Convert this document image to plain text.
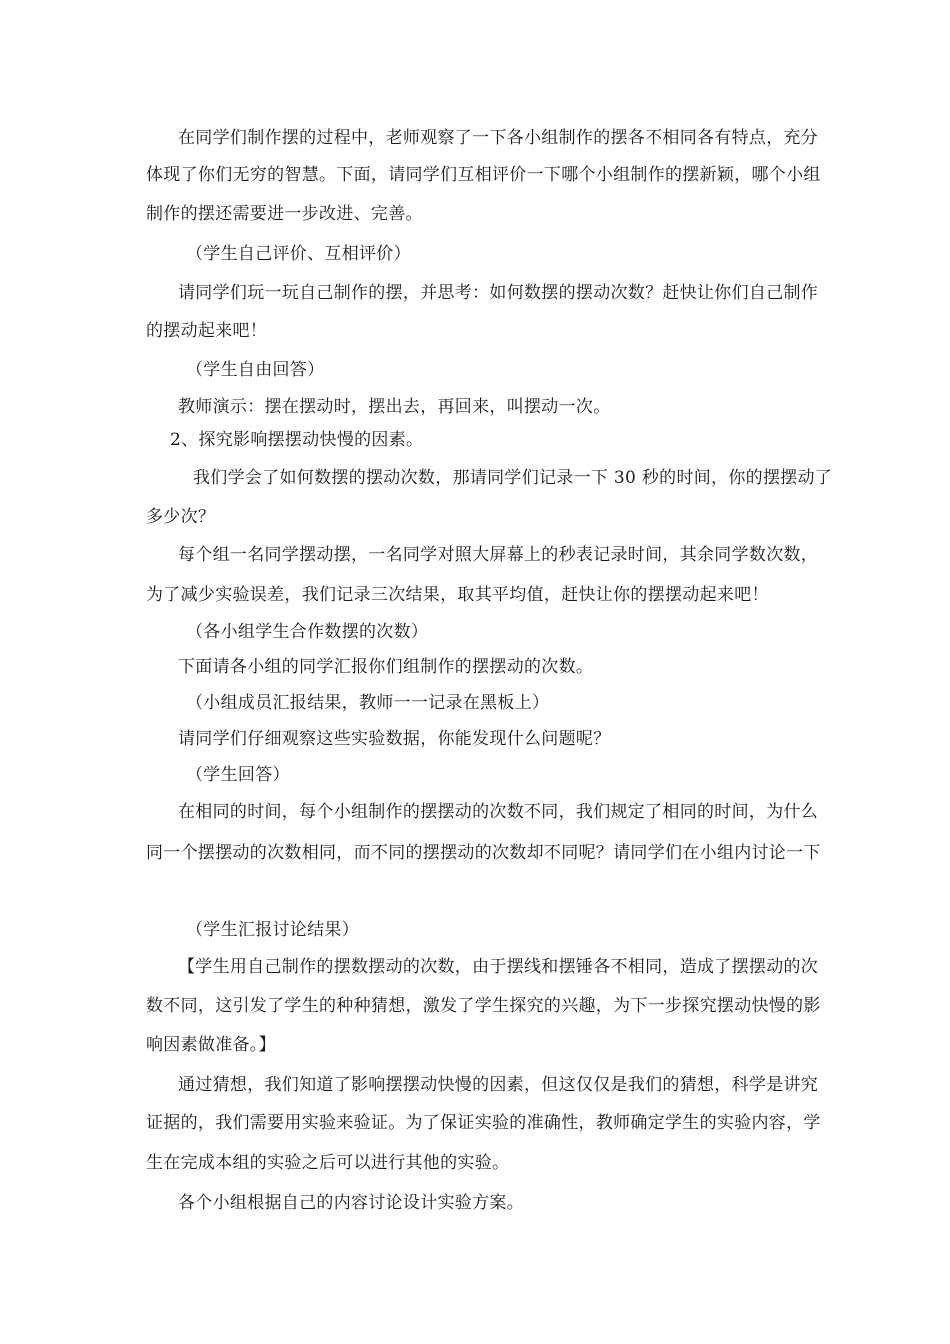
在同学们制作摆的过程中，老师观察了一下各小组制作的摆各不相同各有特点，充分
体现了你们无穷的智慧。下面，请同学们互相评价一下哪个小组制作的摆新颖，哪个小组
制作的摆还需要进一步改进、完善。
（学生自己评价、互相评价）
请同学们玩一玩自己制作的摆，并思考：如何数摆的摆动次数？赶快让你们自己制作
的摆动起来吧！
（学生自由回答）
教师演示：摆在摆动时，摆出去，再回来，叫摆动一次。
2、探究影响摆摆动快慢的因素。
我们学会了如何数摆的摆动次数，那请同学们记录一下 30 秒的时间，你的摆摆动了
多少次？
每个组一名同学摆动摆，一名同学对照大屏幕上的秒表记录时间，其余同学数次数，
为了减少实验误差，我们记录三次结果，取其平均值，赶快让你的摆摆动起来吧！
（各小组学生合作数摆的次数）
下面请各小组的同学汇报你们组制作的摆摆动的次数。
（小组成员汇报结果，教师一一记录在黑板上）
请同学们仔细观察这些实验数据，你能发现什么问题呢？
（学生回答）
在相同的时间，每个小组制作的摆摆动的次数不同，我们规定了相同的时间，为什么
同一个摆摆动的次数相同，而不同的摆摆动的次数却不同呢？请同学们在小组内讨论一下
（学生汇报讨论结果）
【学生用自己制作的摆数摆动的次数，由于摆线和摆锤各不相同，造成了摆摆动的次
数不同，这引发了学生的种种猜想，激发了学生探究的兴趣，为下一步探究摆动快慢的影
响因素做准备。】
通过猜想，我们知道了影响摆摆动快慢的因素，但这仅仅是我们的猜想，科学是讲究
证据的，我们需要用实验来验证。为了保证实验的准确性，教师确定学生的实验内容，学
生在完成本组的实验之后可以进行其他的实验。
各个小组根据自己的内容讨论设计实验方案。
